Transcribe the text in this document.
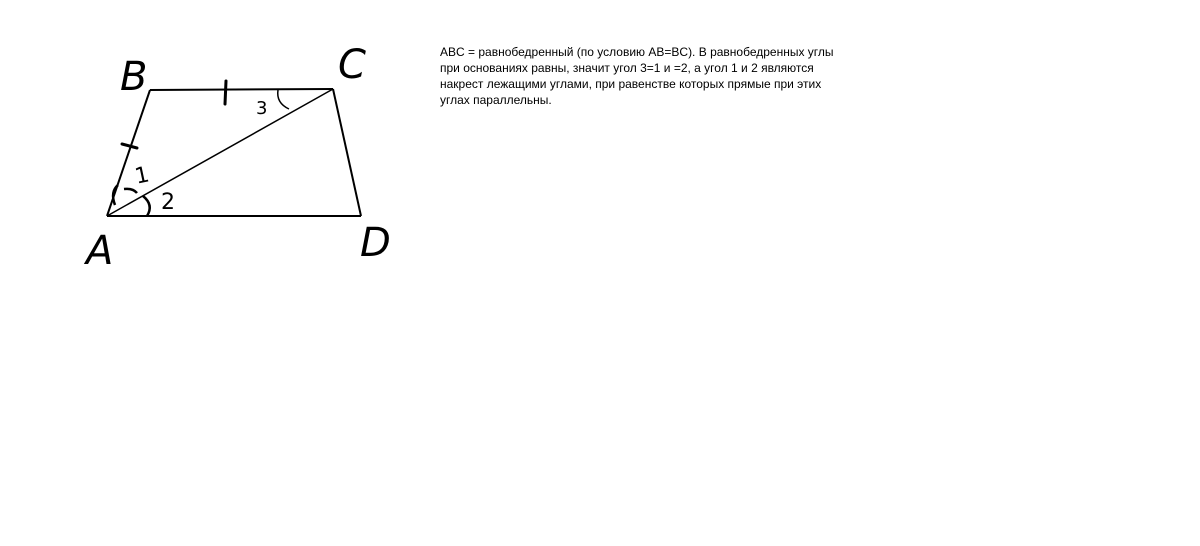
B	C
A	D
1
2
3
ABC = равнобедренный (по условию AB=BC). В равнобедренных углы
при основаниях равны, значит угол 3=1 и =2, а угол 1 и 2 являются
накрест лежащими углами, при равенстве которых прямые при этих
углах параллельны.
